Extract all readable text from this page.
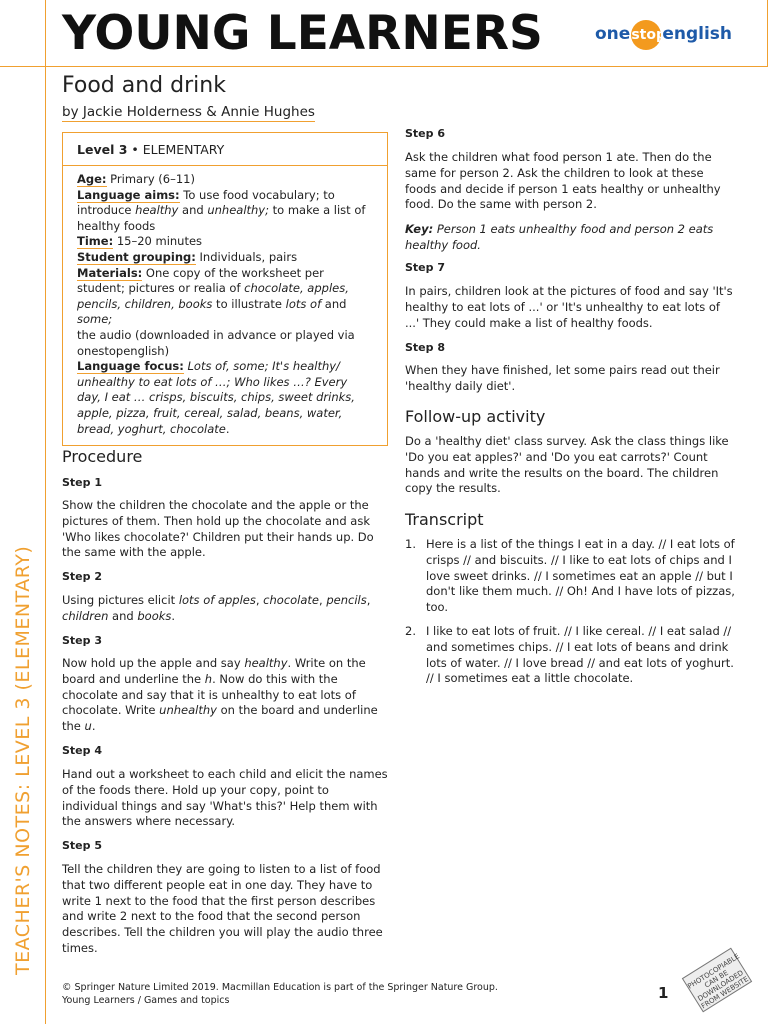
YOUNG LEARNERS	onestopenglish
TEACHER'S NOTES: LEVEL 3 (ELEMENTARY)
Food and drink
by Jackie Holderness & Annie Hughes
Level 3 • ELEMENTARY

Age: Primary (6–11)

Language aims: To use food vocabulary; to introduce healthy and unhealthy; to make a list of healthy foods

Time: 15–20 minutes

Student grouping: Individuals, pairs

Materials: One copy of the worksheet per student; pictures or realia of chocolate, apples, pencils, children, books to illustrate lots of and some;

the audio (downloaded in advance or played via onestopenglish)

Language focus: Lots of, some; It's healthy/ unhealthy to eat lots of …; Who likes …? Every day, I eat … crisps, biscuits, chips, sweet drinks, apple, pizza, fruit, cereal, salad, beans, water, bread, yoghurt, chocolate.

Procedure
Step 1
Show the children the chocolate and the apple or the pictures of them. Then hold up the chocolate and ask 'Who likes chocolate?' Children put their hands up. Do the same with the apple.
Step 2
Using pictures elicit lots of apples, chocolate, pencils, children and books.
Step 3
Now hold up the apple and say healthy. Write on the board and underline the h. Now do this with the chocolate and say that it is unhealthy to eat lots of chocolate. Write unhealthy on the board and underline the u.
Step 4
Hand out a worksheet to each child and elicit the names of the foods there. Hold up your copy, point to individual things and say 'What's this?' Help them with the answers where necessary.
Step 5
Tell the children they are going to listen to a list of food that two different people eat in one day. They have to write 1 next to the food that the first person describes and write 2 next to the food that the second person describes. Tell the children you will play the audio three times.
Step 6
Ask the children what food person 1 ate. Then do the same for person 2. Ask the children to look at these foods and decide if person 1 eats healthy or unhealthy food. Do the same with person 2.
Key: Person 1 eats unhealthy food and person 2 eats healthy food.
Step 7
In pairs, children look at the pictures of food and say 'It's healthy to eat lots of ...' or 'It's unhealthy to eat lots of ...' They could make a list of healthy foods.
Step 8
When they have finished, let some pairs read out their 'healthy daily diet'.
Follow-up activity
Do a 'healthy diet' class survey. Ask the class things like 'Do you eat apples?' and 'Do you eat carrots?' Count hands and write the results on the board. The children copy the results.
Transcript
1. Here is a list of the things I eat in a day. // I eat lots of crisps // and biscuits. // I like to eat lots of chips and I love sweet drinks. // I sometimes eat an apple // but I don't like them much. // Oh! And I have lots of pizzas, too.
2. I like to eat lots of fruit. // I like cereal. // I eat salad // and sometimes chips. // I eat lots of beans and drink lots of water. // I love bread // and eat lots of yoghurt. // I sometimes eat a little chocolate.
© Springer Nature Limited 2019. Macmillan Education is part of the Springer Nature Group.
Young Learners / Games and topics	1
PHOTOCOPIABLE CAN BE DOWNLOADED FROM WEBSITE
